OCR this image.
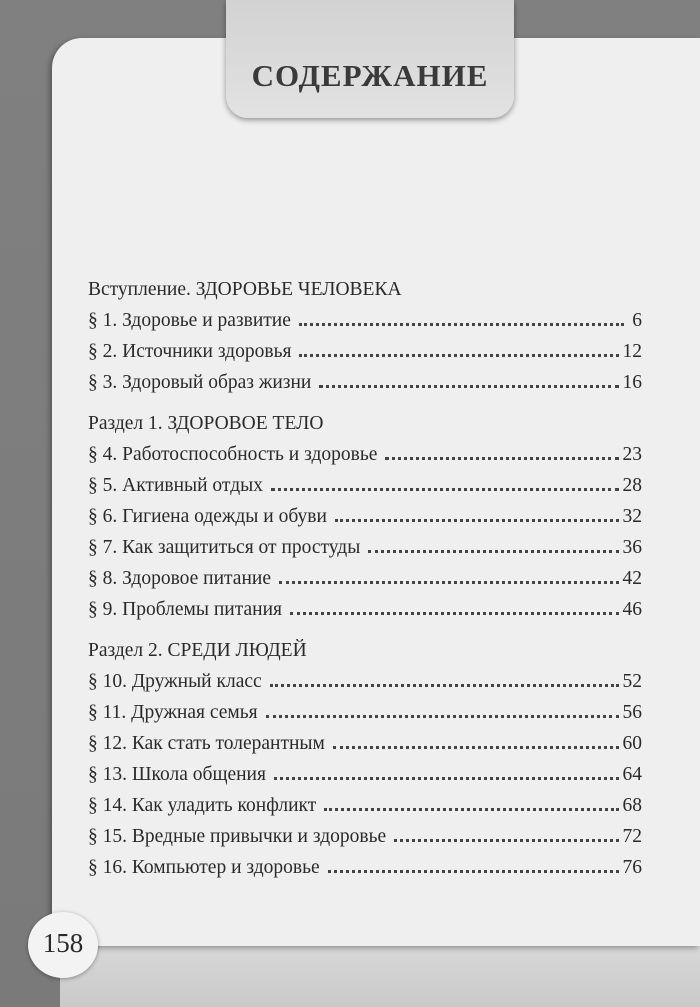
СОДЕРЖАНИЕ
Вступление. ЗДОРОВЬЕ ЧЕЛОВЕКА
§ 1. Здоровье и развитие	6
§ 2. Источники здоровья	12
§ 3. Здоровый образ жизни	16
Раздел 1. ЗДОРОВОЕ ТЕЛО
§ 4. Работоспособность и здоровье	23
§ 5. Активный отдых	28
§ 6. Гигиена одежды и обуви	32
§ 7. Как защититься от простуды	36
§ 8. Здоровое питание	42
§ 9. Проблемы питания	46
Раздел 2. СРЕДИ ЛЮДЕЙ
§ 10. Дружный класс	52
§ 11. Дружная семья	56
§ 12. Как стать толерантным	60
§ 13. Школа общения	64
§ 14. Как уладить конфликт	68
§ 15. Вредные привычки и здоровье	72
§ 16. Компьютер и здоровье	76
158
